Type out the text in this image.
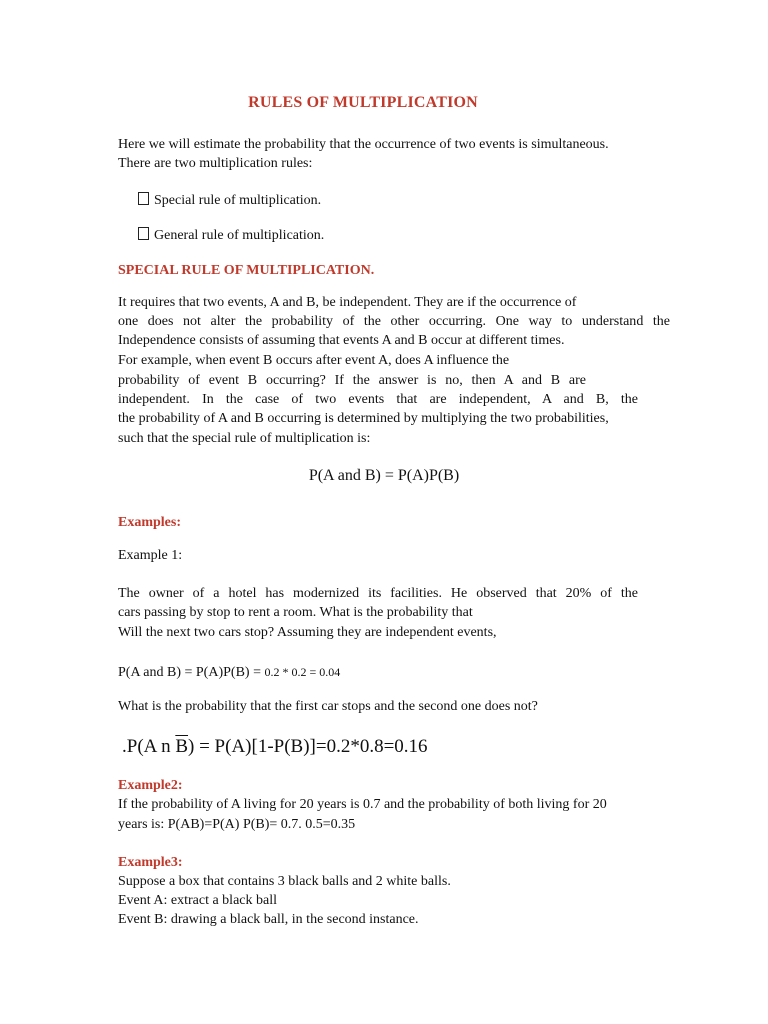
RULES OF MULTIPLICATION
Here we will estimate the probability that the occurrence of two events is simultaneous.
There are two multiplication rules:
Special rule of multiplication.
General rule of multiplication.
SPECIAL RULE OF MULTIPLICATION.
It requires that two events, A and B, be independent. They are if the occurrence of
one does not alter the probability of the other occurring. One way to understand the
Independence consists of assuming that events A and B occur at different times.
For example, when event B occurs after event A, does A influence the
probability of event B occurring? If the answer is no, then A and B are
independent. In the case of two events that are independent, A and B, the
the probability of A and B occurring is determined by multiplying the two probabilities,
such that the special rule of multiplication is:
P(A and B) = P(A)P(B)
Examples:
Example 1:
The owner of a hotel has modernized its facilities. He observed that 20% of the
cars passing by stop to rent a room. What is the probability that
Will the next two cars stop? Assuming they are independent events,
P(A and B) = P(A)P(B) = 0.2 * 0.2 = 0.04
What is the probability that the first car stops and the second one does not?
.P(A n $\overline{B}) = P(A)[1-P(B)]=0.2*0.8=0.16$
Example2:
If the probability of A living for 20 years is 0.7 and the probability of both living for 20
years is: P(AB)=P(A) P(B)= 0.7. 0.5=0.35
Example3:
Suppose a box that contains 3 black balls and 2 white balls.
Event A: extract a black ball
Event B: drawing a black ball, in the second instance.
